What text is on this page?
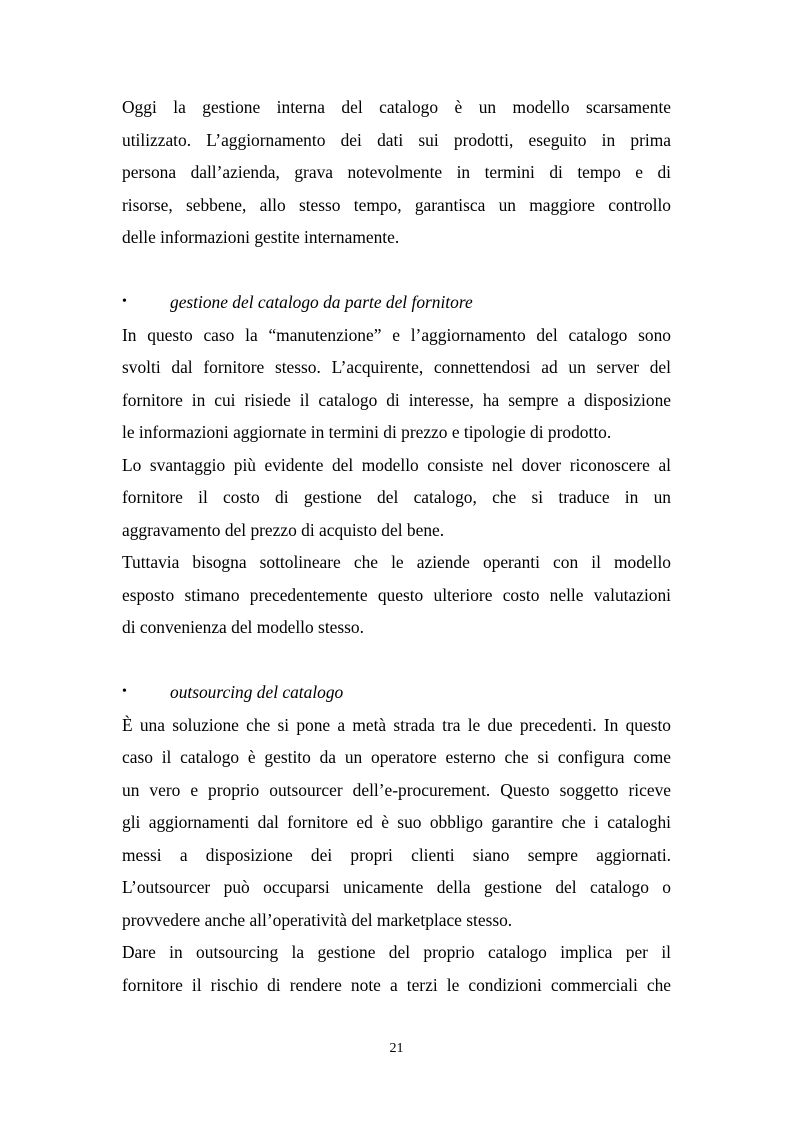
Oggi la gestione interna del catalogo è un modello scarsamente
utilizzato. L’aggiornamento dei dati sui prodotti, eseguito in prima
persona dall’azienda, grava notevolmente in termini di tempo e di
risorse, sebbene, allo stesso tempo, garantisca un maggiore controllo
delle informazioni gestite internamente.
• gestione del catalogo da parte del fornitore
In questo caso la “manutenzione” e l’aggiornamento del catalogo sono
svolti dal fornitore stesso. L’acquirente, connettendosi ad un server del
fornitore in cui risiede il catalogo di interesse, ha sempre a disposizione
le informazioni aggiornate in termini di prezzo e tipologie di prodotto.
Lo svantaggio più evidente del modello consiste nel dover riconoscere al
fornitore il costo di gestione del catalogo, che si traduce in un
aggravamento del prezzo di acquisto del bene.
Tuttavia bisogna sottolineare che le aziende operanti con il modello
esposto stimano precedentemente questo ulteriore costo nelle valutazioni
di convenienza del modello stesso.
• outsourcing del catalogo
È una soluzione che si pone a metà strada tra le due precedenti. In questo
caso il catalogo è gestito da un operatore esterno che si configura come
un vero e proprio outsourcer dell’e-procurement. Questo soggetto riceve
gli aggiornamenti dal fornitore ed è suo obbligo garantire che i cataloghi
messi a disposizione dei propri clienti siano sempre aggiornati.
L’outsourcer può occuparsi unicamente della gestione del catalogo o
provvedere anche all’operatività del marketplace stesso.
Dare in outsourcing la gestione del proprio catalogo implica per il
fornitore il rischio di rendere note a terzi le condizioni commerciali che
21
